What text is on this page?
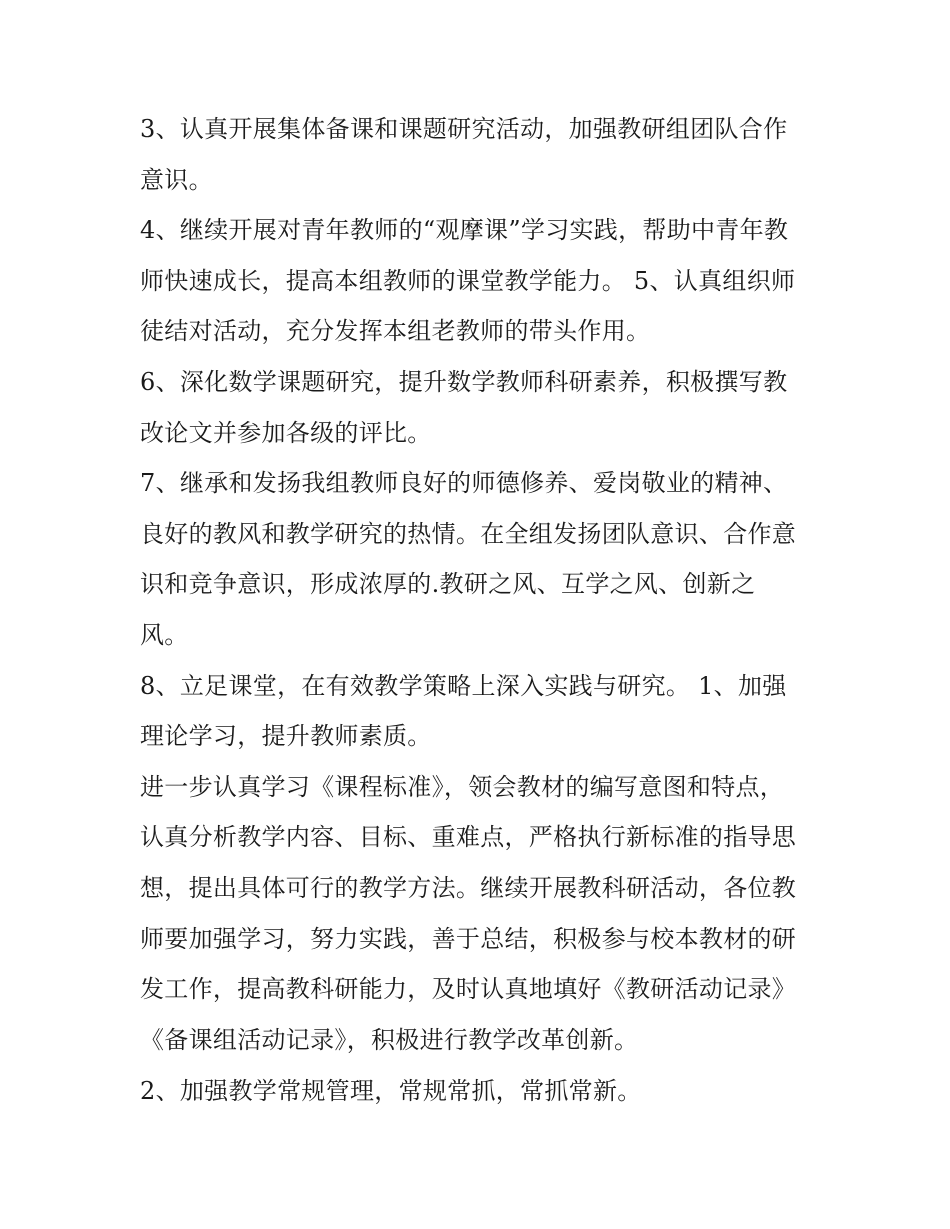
3、认真开展集体备课和课题研究活动，加强教研组团队合作
意识。
4、继续开展对青年教师的“观摩课”学习实践，帮助中青年教
师快速成长，提高本组教师的课堂教学能力。 5、认真组织师
徒结对活动，充分发挥本组老教师的带头作用。
6、深化数学课题研究，提升数学教师科研素养，积极撰写教
改论文并参加各级的评比。
7、继承和发扬我组教师良好的师德修养、爱岗敬业的精神、
良好的教风和教学研究的热情。在全组发扬团队意识、合作意
识和竞争意识，形成浓厚的.教研之风、互学之风、创新之
风。
8、立足课堂，在有效教学策略上深入实践与研究。 1、加强
理论学习，提升教师素质。
进一步认真学习《课程标准》，领会教材的编写意图和特点，
认真分析教学内容、目标、重难点，严格执行新标准的指导思
想，提出具体可行的教学方法。继续开展教科研活动，各位教
师要加强学习，努力实践，善于总结，积极参与校本教材的研
发工作，提高教科研能力，及时认真地填好《教研活动记录》
《备课组活动记录》，积极进行教学改革创新。
2、加强教学常规管理，常规常抓，常抓常新。
